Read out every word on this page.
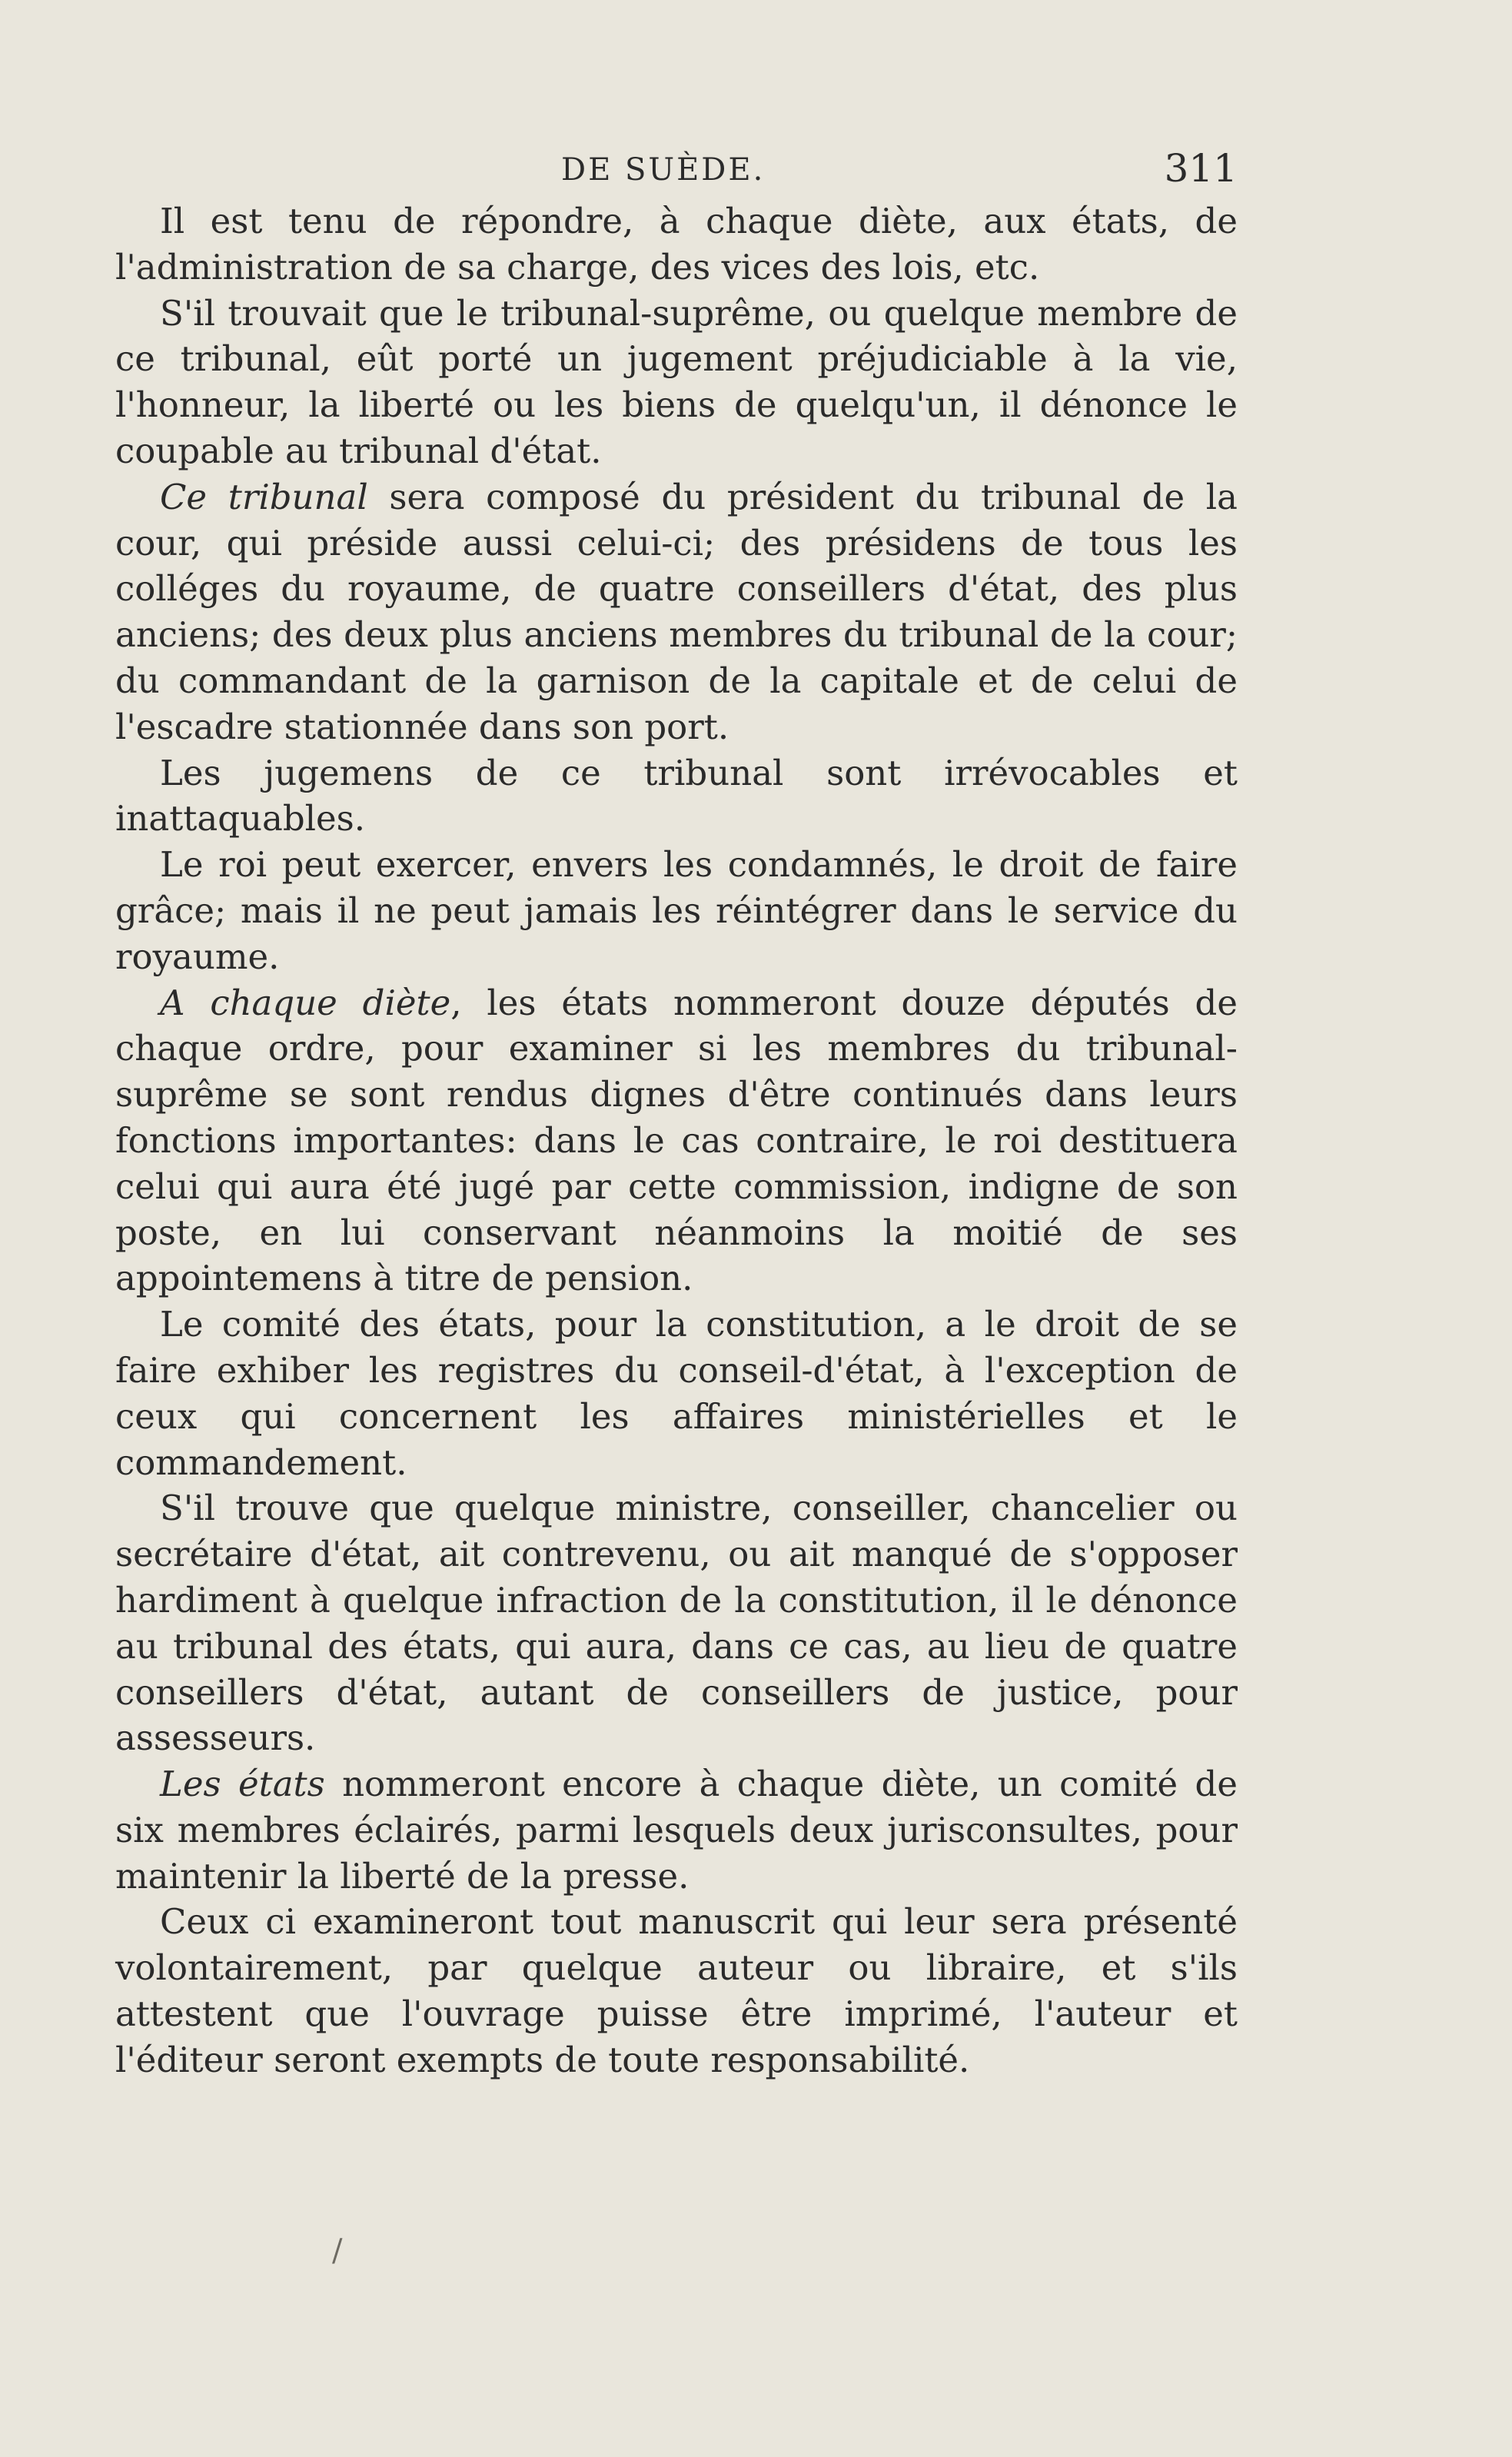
DE SUÈDE.	311

Il est tenu de répondre, à chaque diète, aux états, de l'administration de sa charge, des vices des lois, etc.

S'il trouvait que le tribunal-suprême, ou quelque membre de ce tribunal, eût porté un jugement préjudiciable à la vie, l'honneur, la liberté ou les biens de quelqu'un, il dénonce le coupable au tribunal d'état.

Ce tribunal sera composé du président du tribunal de la cour, qui préside aussi celui-ci; des présidens de tous les colléges du royaume, de quatre conseillers d'état, des plus anciens; des deux plus anciens membres du tribunal de la cour; du commandant de la garnison de la capitale et de celui de l'escadre stationnée dans son port.

Les jugemens de ce tribunal sont irrévocables et inattaquables.

Le roi peut exercer, envers les condamnés, le droit de faire grâce; mais il ne peut jamais les réintégrer dans le service du royaume.

A chaque diète, les états nommeront douze députés de chaque ordre, pour examiner si les membres du tribunal-suprême se sont rendus dignes d'être continués dans leurs fonctions importantes: dans le cas contraire, le roi destituera celui qui aura été jugé par cette commission, indigne de son poste, en lui conservant néanmoins la moitié de ses appointemens à titre de pension.

Le comité des états, pour la constitution, a le droit de se faire exhiber les registres du conseil-d'état, à l'exception de ceux qui concernent les affaires ministérielles et le commandement.

S'il trouve que quelque ministre, conseiller, chancelier ou secrétaire d'état, ait contrevenu, ou ait manqué de s'opposer hardiment à quelque infraction de la constitution, il le dénonce au tribunal des états, qui aura, dans ce cas, au lieu de quatre conseillers d'état, autant de conseillers de justice, pour assesseurs.

Les états nommeront encore à chaque diète, un comité de six membres éclairés, parmi lesquels deux jurisconsultes, pour maintenir la liberté de la presse.

Ceux ci examineront tout manuscrit qui leur sera présenté volontairement, par quelque auteur ou libraire, et s'ils attestent que l'ouvrage puisse être imprimé, l'auteur et l'éditeur seront exempts de toute responsabilité.

/
